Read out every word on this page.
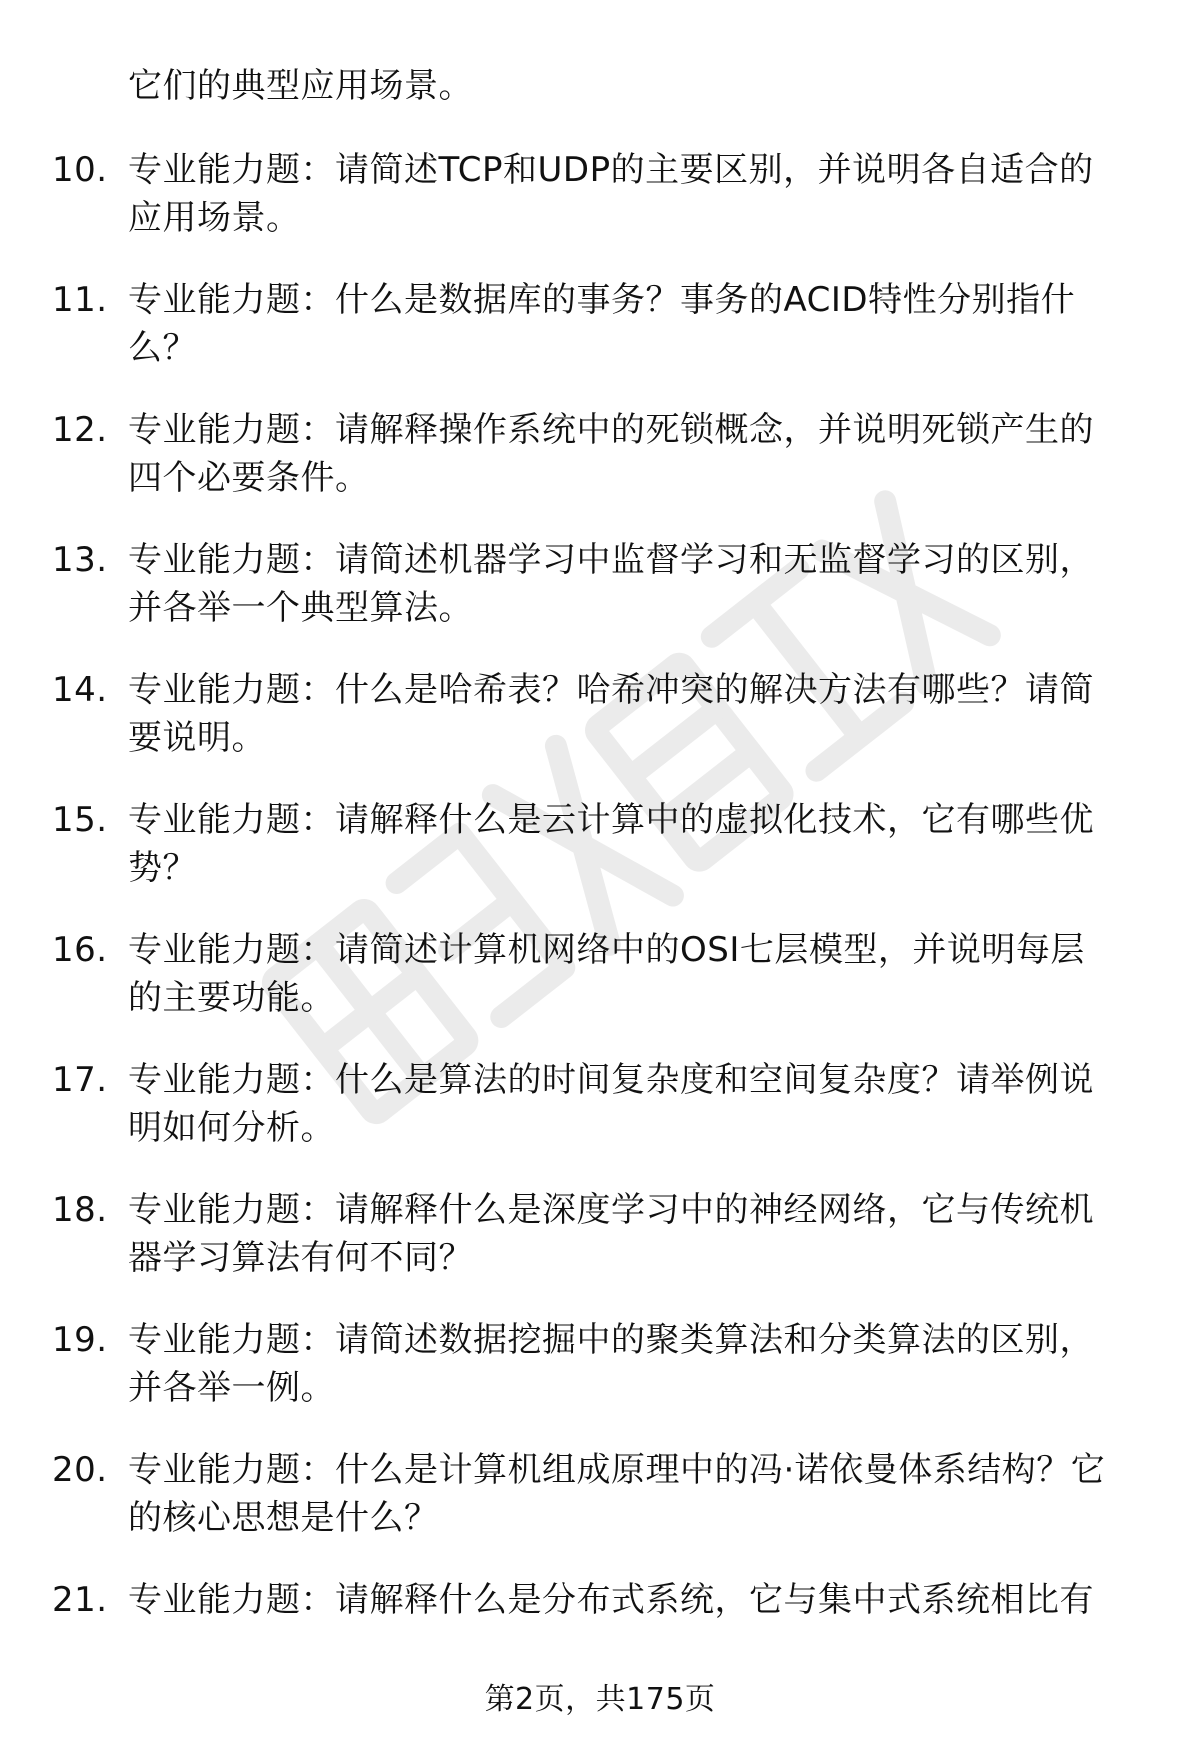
它们的典型应用场景。
10. 专业能力题：请简述TCP和UDP的主要区别，并说明各自适合的
应用场景。
11. 专业能力题：什么是数据库的事务？事务的ACID特性分别指什
么？
12. 专业能力题：请解释操作系统中的死锁概念，并说明死锁产生的
四个必要条件。
13. 专业能力题：请简述机器学习中监督学习和无监督学习的区别，
并各举一个典型算法。
14. 专业能力题：什么是哈希表？哈希冲突的解决方法有哪些？请简
要说明。
15. 专业能力题：请解释什么是云计算中的虚拟化技术，它有哪些优
势？
16. 专业能力题：请简述计算机网络中的OSI七层模型，并说明每层
的主要功能。
17. 专业能力题：什么是算法的时间复杂度和空间复杂度？请举例说
明如何分析。
18. 专业能力题：请解释什么是深度学习中的神经网络，它与传统机
器学习算法有何不同？
19. 专业能力题：请简述数据挖掘中的聚类算法和分类算法的区别，
并各举一例。
20. 专业能力题：什么是计算机组成原理中的冯·诺依曼体系结构？它
的核心思想是什么？
21. 专业能力题：请解释什么是分布式系统，它与集中式系统相比有
第2页，共175页
